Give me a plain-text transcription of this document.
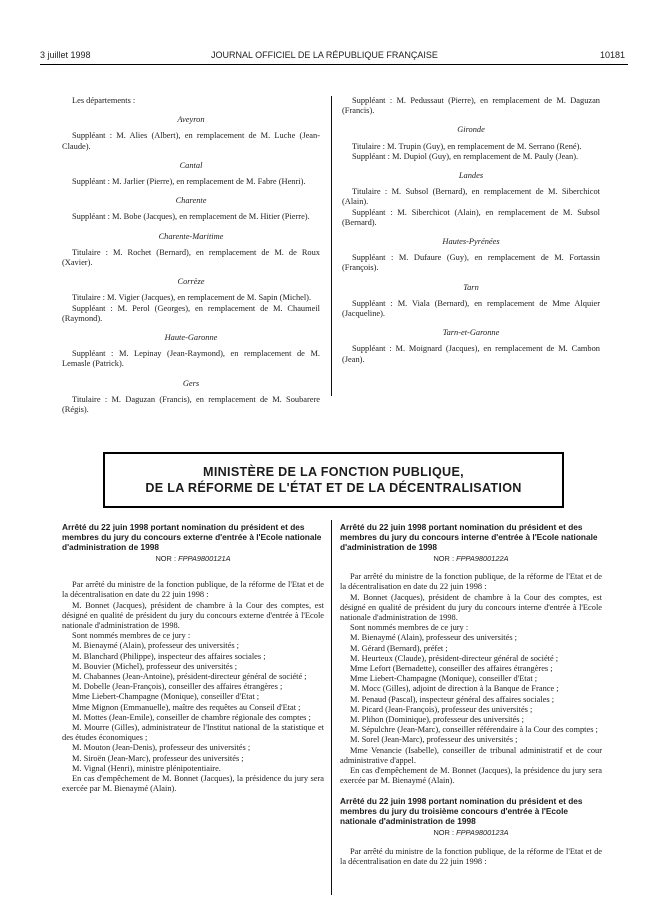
3 juillet 1998	JOURNAL OFFICIEL DE LA RÉPUBLIQUE FRANÇAISE	10181

Les départements :

Aveyron

Suppléant : M. Alies (Albert), en remplacement de M. Luche (Jean-Claude).

Cantal

Suppléant : M. Jarlier (Pierre), en remplacement de M. Fabre (Henri).

Charente

Suppléant : M. Bobe (Jacques), en remplacement de M. Hitier (Pierre).

Charente-Maritime

Titulaire : M. Rochet (Bernard), en remplacement de M. de Roux (Xavier).

Corrèze

Titulaire : M. Vigier (Jacques), en remplacement de M. Sapin (Michel).

Suppléant : M. Perol (Georges), en remplacement de M. Chaumeil (Raymond).

Haute-Garonne

Suppléant : M. Lepinay (Jean-Raymond), en remplacement de M. Lemasle (Patrick).

Gers

Titulaire : M. Daguzan (Francis), en remplacement de M. Soubarere (Régis).

Suppléant : M. Pedussaut (Pierre), en remplacement de M. Daguzan (Francis).

Gironde

Titulaire : M. Trupin (Guy), en remplacement de M. Serrano (René).

Suppléant : M. Dupiol (Guy), en remplacement de M. Pauly (Jean).

Landes

Titulaire : M. Subsol (Bernard), en remplacement de M. Siberchicot (Alain).

Suppléant : M. Siberchicot (Alain), en remplacement de M. Subsol (Bernard).

Hautes-Pyrénées

Suppléant : M. Dufaure (Guy), en remplacement de M. Fortassin (François).

Tarn

Suppléant : M. Viala (Bernard), en remplacement de Mme Alquier (Jacqueline).

Tarn-et-Garonne

Suppléant : M. Moignard (Jacques), en remplacement de M. Cambon (Jean).

MINISTÈRE DE LA FONCTION PUBLIQUE,
DE LA RÉFORME DE L'ÉTAT ET DE LA DÉCENTRALISATION

Arrêté du 22 juin 1998 portant nomination du président et des membres du jury du concours externe d'entrée à l'Ecole nationale d'administration de 1998

NOR : FPPA9800121A

Par arrêté du ministre de la fonction publique, de la réforme de l'Etat et de la décentralisation en date du 22 juin 1998 :

M. Bonnet (Jacques), président de chambre à la Cour des comptes, est désigné en qualité de président du jury du concours externe d'entrée à l'Ecole nationale d'administration de 1998.

Sont nommés membres de ce jury :

M. Bienaymé (Alain), professeur des universités ;

M. Blanchard (Philippe), inspecteur des affaires sociales ;

M. Bouvier (Michel), professeur des universités ;

M. Chabannes (Jean-Antoine), président-directeur général de société ;

M. Dobelle (Jean-François), conseiller des affaires étrangères ;

Mme Liebert-Champagne (Monique), conseiller d'Etat ;

Mme Mignon (Emmanuelle), maître des requêtes au Conseil d'Etat ;

M. Mottes (Jean-Emile), conseiller de chambre régionale des comptes ;

M. Mourre (Gilles), administrateur de l'Institut national de la statistique et des études économiques ;

M. Mouton (Jean-Denis), professeur des universités ;

M. Siroën (Jean-Marc), professeur des universités ;

M. Vignal (Henri), ministre plénipotentiaire.

En cas d'empêchement de M. Bonnet (Jacques), la présidence du jury sera exercée par M. Bienaymé (Alain).

Arrêté du 22 juin 1998 portant nomination du président et des membres du jury du concours interne d'entrée à l'Ecole nationale d'administration de 1998

NOR : FPPA9800122A

Par arrêté du ministre de la fonction publique, de la réforme de l'Etat et de la décentralisation en date du 22 juin 1998 :

M. Bonnet (Jacques), président de chambre à la Cour des comptes, est désigné en qualité de président du jury du concours interne d'entrée à l'Ecole nationale d'administration de 1998.

Sont nommés membres de ce jury :

M. Bienaymé (Alain), professeur des universités ;

M. Gérard (Bernard), préfet ;

M. Heurteux (Claude), président-directeur général de société ;

Mme Lefort (Bernadette), conseiller des affaires étrangères ;

Mme Liebert-Champagne (Monique), conseiller d'Etat ;

M. Mocc (Gilles), adjoint de direction à la Banque de France ;

M. Penaud (Pascal), inspecteur général des affaires sociales ;

M. Picard (Jean-François), professeur des universités ;

M. Plihon (Dominique), professeur des universités ;

M. Sépulchre (Jean-Marc), conseiller référendaire à la Cour des comptes ;

M. Sorel (Jean-Marc), professeur des universités ;

Mme Venancie (Isabelle), conseiller de tribunal administratif et de cour administrative d'appel.

En cas d'empêchement de M. Bonnet (Jacques), la présidence du jury sera exercée par M. Bienaymé (Alain).

Arrêté du 22 juin 1998 portant nomination du président et des membres du jury du troisième concours d'entrée à l'Ecole nationale d'administration de 1998

NOR : FPPA9800123A

Par arrêté du ministre de la fonction publique, de la réforme de l'Etat et de la décentralisation en date du 22 juin 1998 :
